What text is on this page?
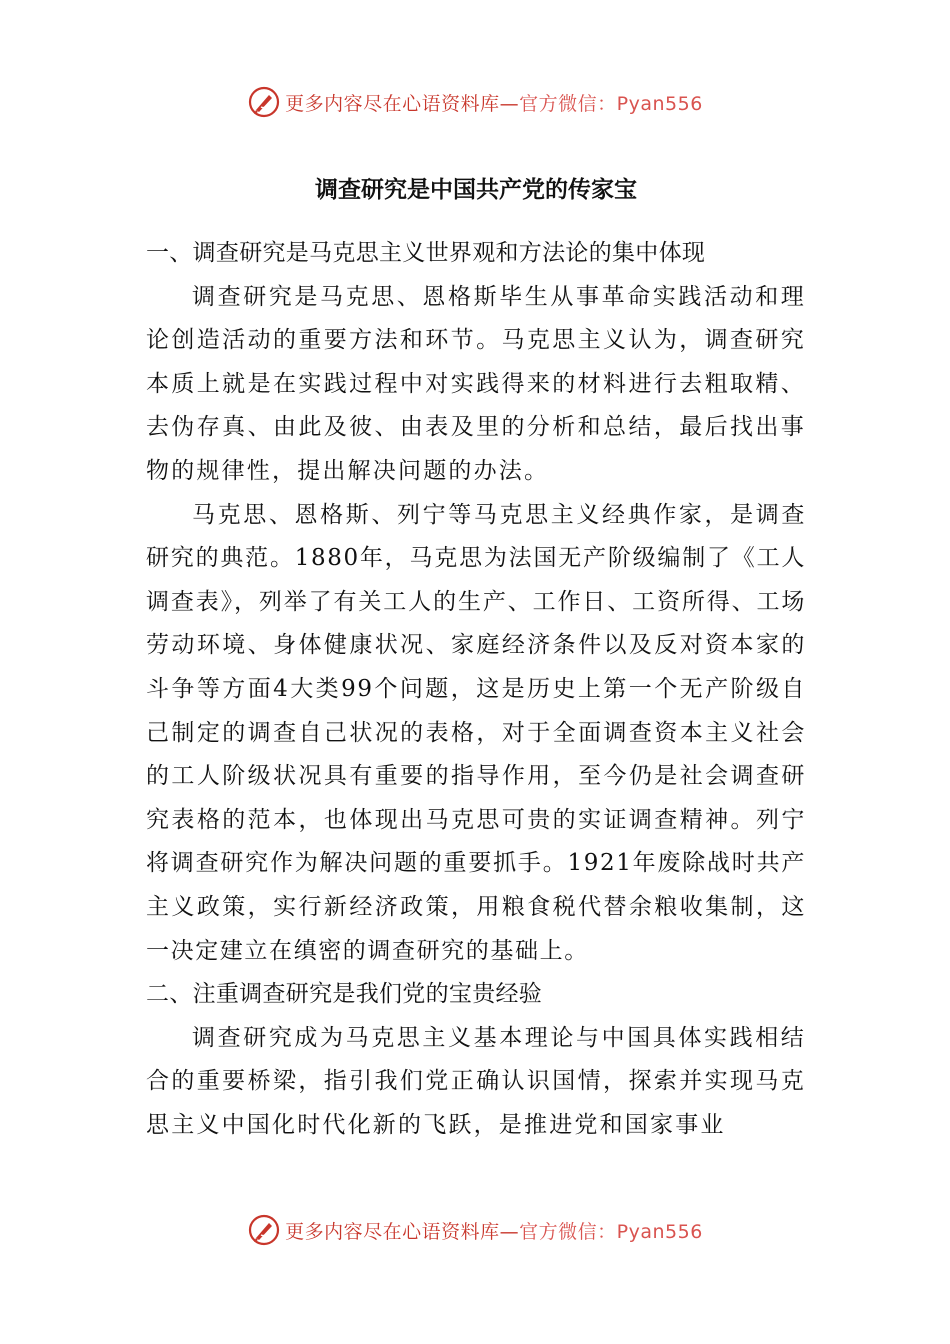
更多内容尽在心语资料库—官方微信：Pyan556
调查研究是中国共产党的传家宝
一、调查研究是马克思主义世界观和方法论的集中体现

调查研究是马克思、恩格斯毕生从事革命实践活动和理论创造活动的重要方法和环节。马克思主义认为，调查研究本质上就是在实践过程中对实践得来的材料进行去粗取精、去伪存真、由此及彼、由表及里的分析和总结，最后找出事物的规律性，提出解决问题的办法。

马克思、恩格斯、列宁等马克思主义经典作家，是调查研究的典范。1880年，马克思为法国无产阶级编制了《工人调查表》，列举了有关工人的生产、工作日、工资所得、工场劳动环境、身体健康状况、家庭经济条件以及反对资本家的斗争等方面4大类99个问题，这是历史上第一个无产阶级自己制定的调查自己状况的表格，对于全面调查资本主义社会的工人阶级状况具有重要的指导作用，至今仍是社会调查研究表格的范本，也体现出马克思可贵的实证调查精神。列宁将调查研究作为解决问题的重要抓手。1921年废除战时共产主义政策，实行新经济政策，用粮食税代替余粮收集制，这一决定建立在缜密的调查研究的基础上。

二、注重调查研究是我们党的宝贵经验

调查研究成为马克思主义基本理论与中国具体实践相结合的重要桥梁，指引我们党正确认识国情，探索并实现马克思主义中国化时代化新的飞跃，是推进党和国家事业

更多内容尽在心语资料库—官方微信：Pyan556
